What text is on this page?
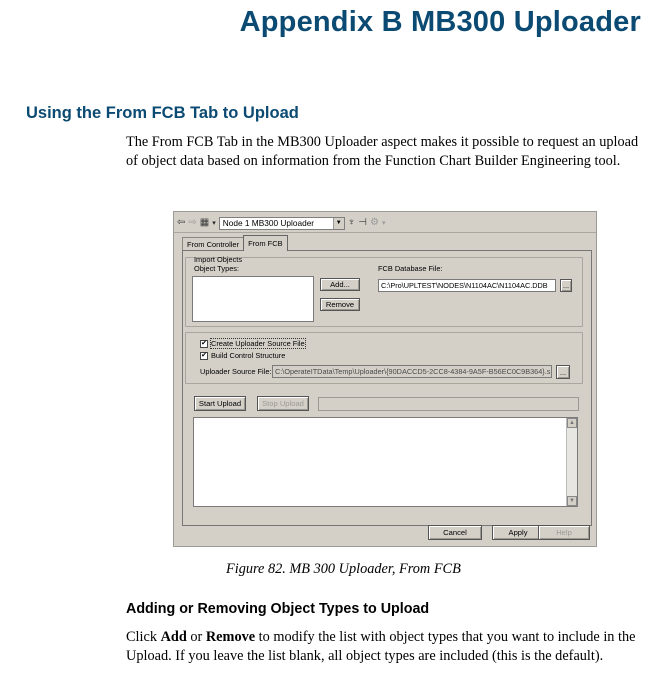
Appendix B MB300 Uploader
Using the From FCB Tab to Upload

The From FCB Tab in the MB300 Uploader aspect makes it possible to request an upload of object data based on information from the Function Chart Builder Engineering tool.

⇦ ⇨ ▦ ▾ Node 1 MB300 Uploader	▼ ♆ ⊣ ⚙ ▾
From Controller From FCB
Import Objects
Object Types:
Add...
Remove
FCB Database File:
C:\Pro\UPLTEST\NODES\N1104AC\N1104AC.DDB	...
✔ Create Uploader Source File
✔ Build Control Structure
Uploader Source File: C:\OperateITData\Temp\Uploader\{90DACCD5-2CC8-4384-9A5F-B56EC0C9B364}.s ...
Start Upload	Stop Upload
▲
▼
Cancel	Apply	Help
Figure 82. MB 300 Uploader, From FCB
Adding or Removing Object Types to Upload

Click Add or Remove to modify the list with object types that you want to include in the Upload. If you leave the list blank, all object types are included (this is the default).
